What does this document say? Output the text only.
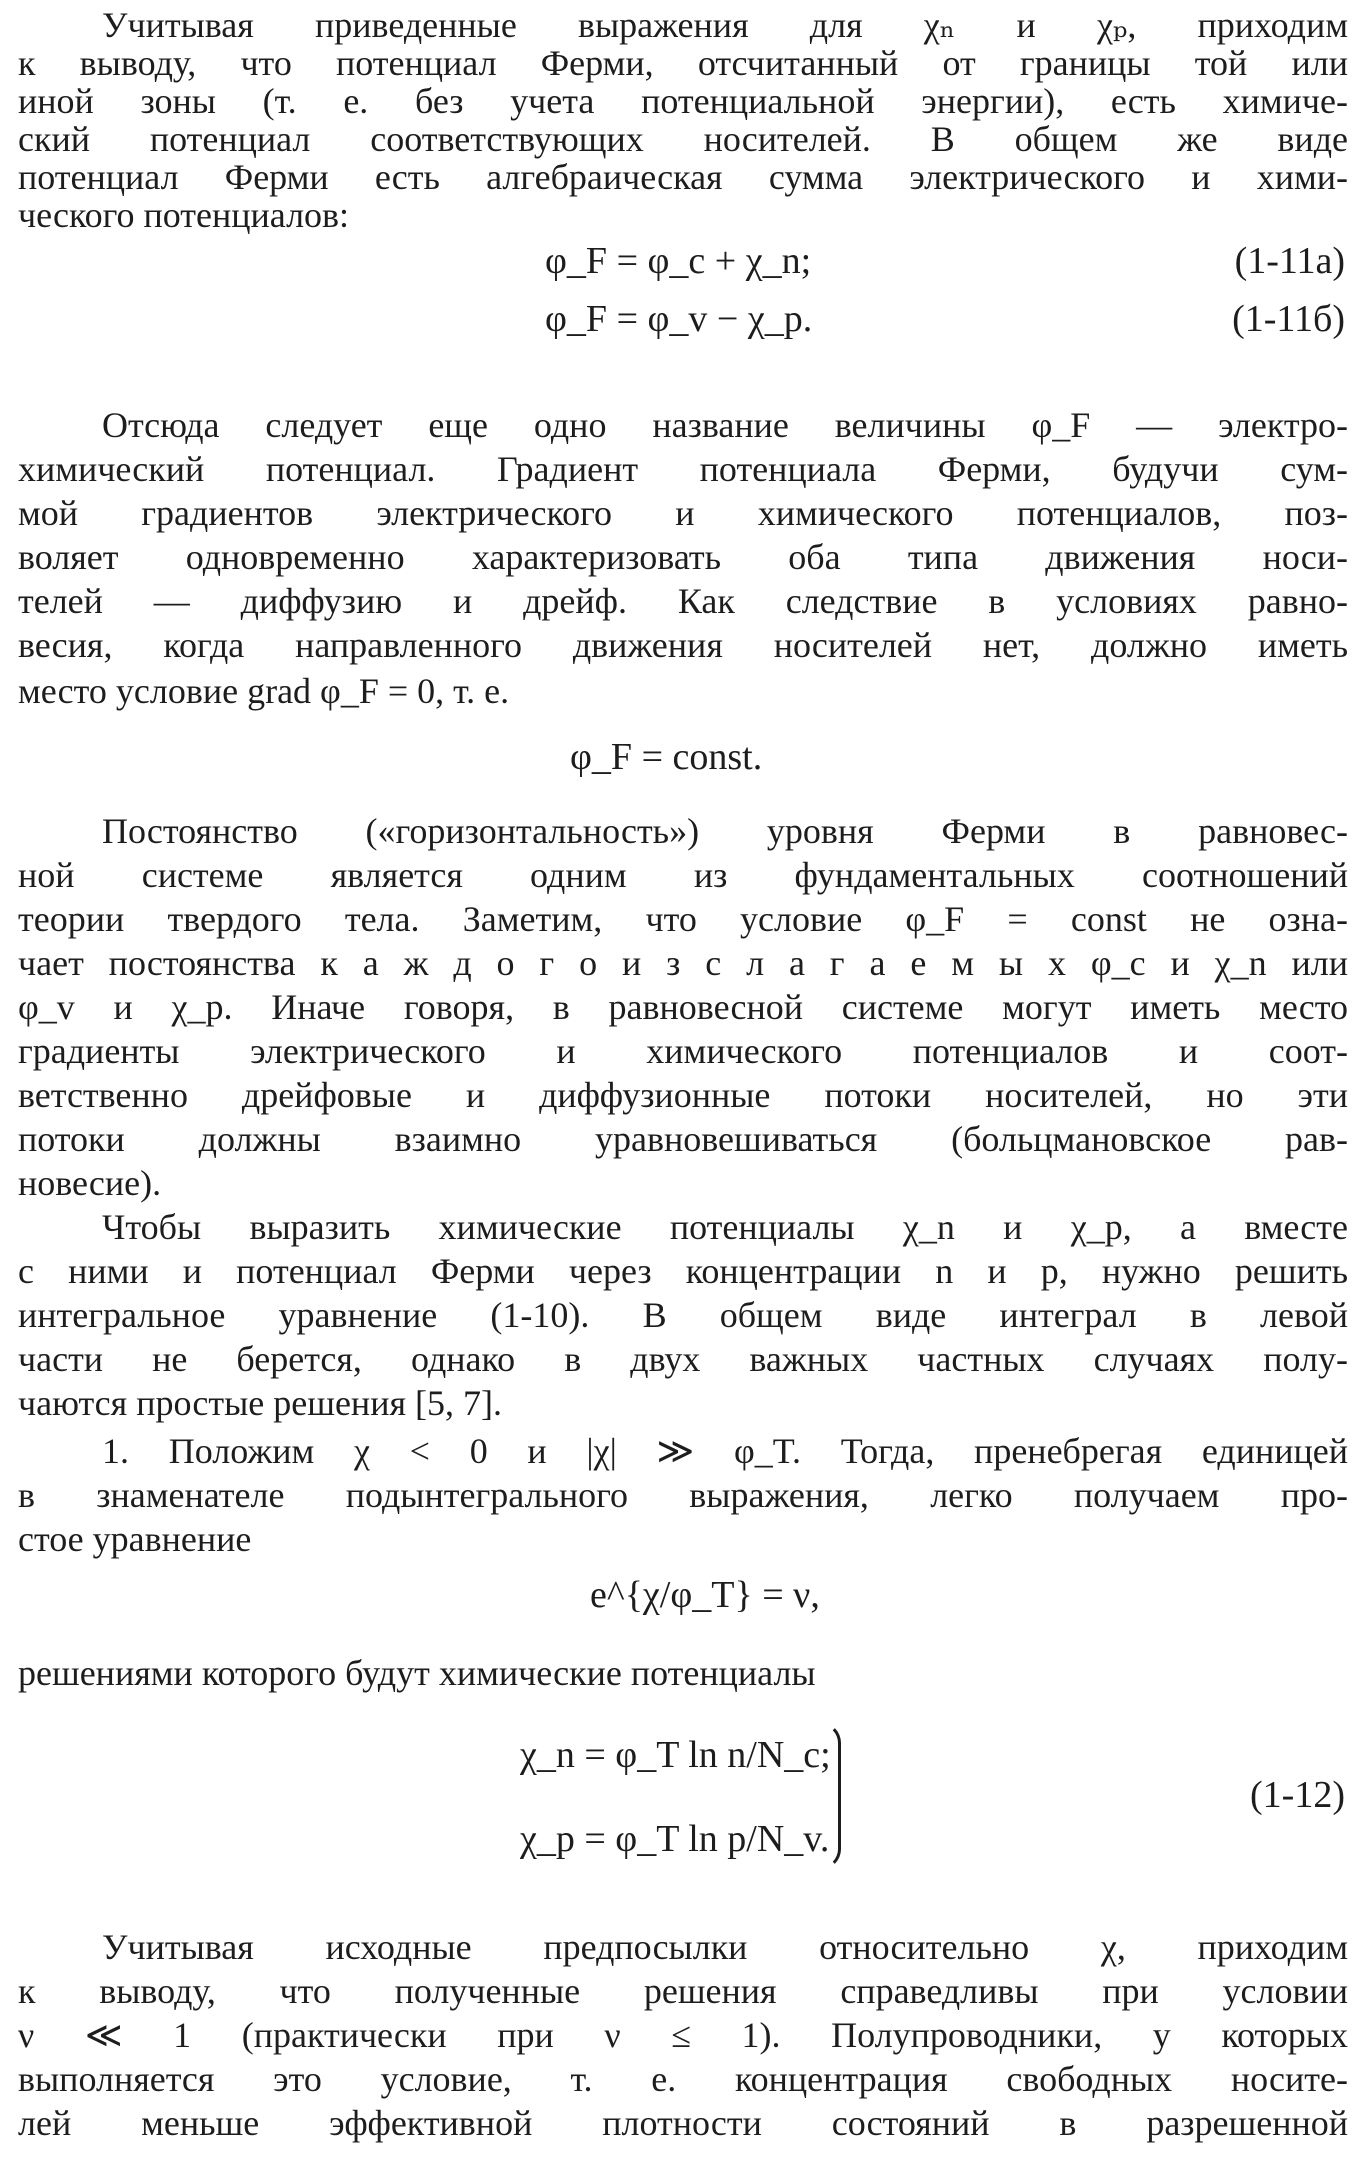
Учитывая приведенные выражения для χₙ и χₚ, приходим
к выводу, что потенциал Ферми, отсчитанный от границы той или
иной зоны (т. е. без учета потенциальной энергии), есть химиче-
ский потенциал соответствующих носителей. В общем же виде
потенциал Ферми есть алгебраическая сумма электрического и хими-
ческого потенциалов:
φ_F = φ_c + χ_n;	(1-11а)
φ_F = φ_v − χ_p.	(1-11б)
Отсюда следует еще одно название величины φ_F — электро-
химический потенциал. Градиент потенциала Ферми, будучи сум-
мой градиентов электрического и химического потенциалов, поз-
воляет одновременно характеризовать оба типа движения носи-
телей — диффузию и дрейф. Как следствие в условиях равно-
весия, когда направленного движения носителей нет, должно иметь
место условие grad φ_F = 0, т. е.
φ_F = const.
Постоянство («горизонтальность») уровня Ферми в равновес-
ной системе является одним из фундаментальных соотношений
теории твердого тела. Заметим, что условие φ_F = const не озна-
чает постоянства к а ж д о г о и з с л а г а е м ы х φ_c и χ_n или
φ_v и χ_p. Иначе говоря, в равновесной системе могут иметь место
градиенты электрического и химического потенциалов и соот-
ветственно дрейфовые и диффузионные потоки носителей, но эти
потоки должны взаимно уравновешиваться (больцмановское рав-
новесие).
Чтобы выразить химические потенциалы χ_n и χ_p, а вместе
с ними и потенциал Ферми через концентрации n и p, нужно решить
интегральное уравнение (1-10). В общем виде интеграл в левой
части не берется, однако в двух важных частных случаях полу-
чаются простые решения [5, 7].
1. Положим χ < 0 и |χ| ≫ φ_T. Тогда, пренебрегая единицей
в знаменателе подынтегрального выражения, легко получаем про-
стое уравнение
e^{χ/φ_T} = ν,
решениями которого будут химические потенциалы
χ_n = φ_T ln n/N_c;
χ_p = φ_T ln p/N_v.
(1-12)
Учитывая исходные предпосылки относительно χ, приходим
к выводу, что полученные решения справедливы при условии
ν ≪ 1 (практически при ν ≤ 1). Полупроводники, у которых
выполняется это условие, т. е. концентрация свободных носите-
лей меньше эффективной плотности состояний в разрешенной
